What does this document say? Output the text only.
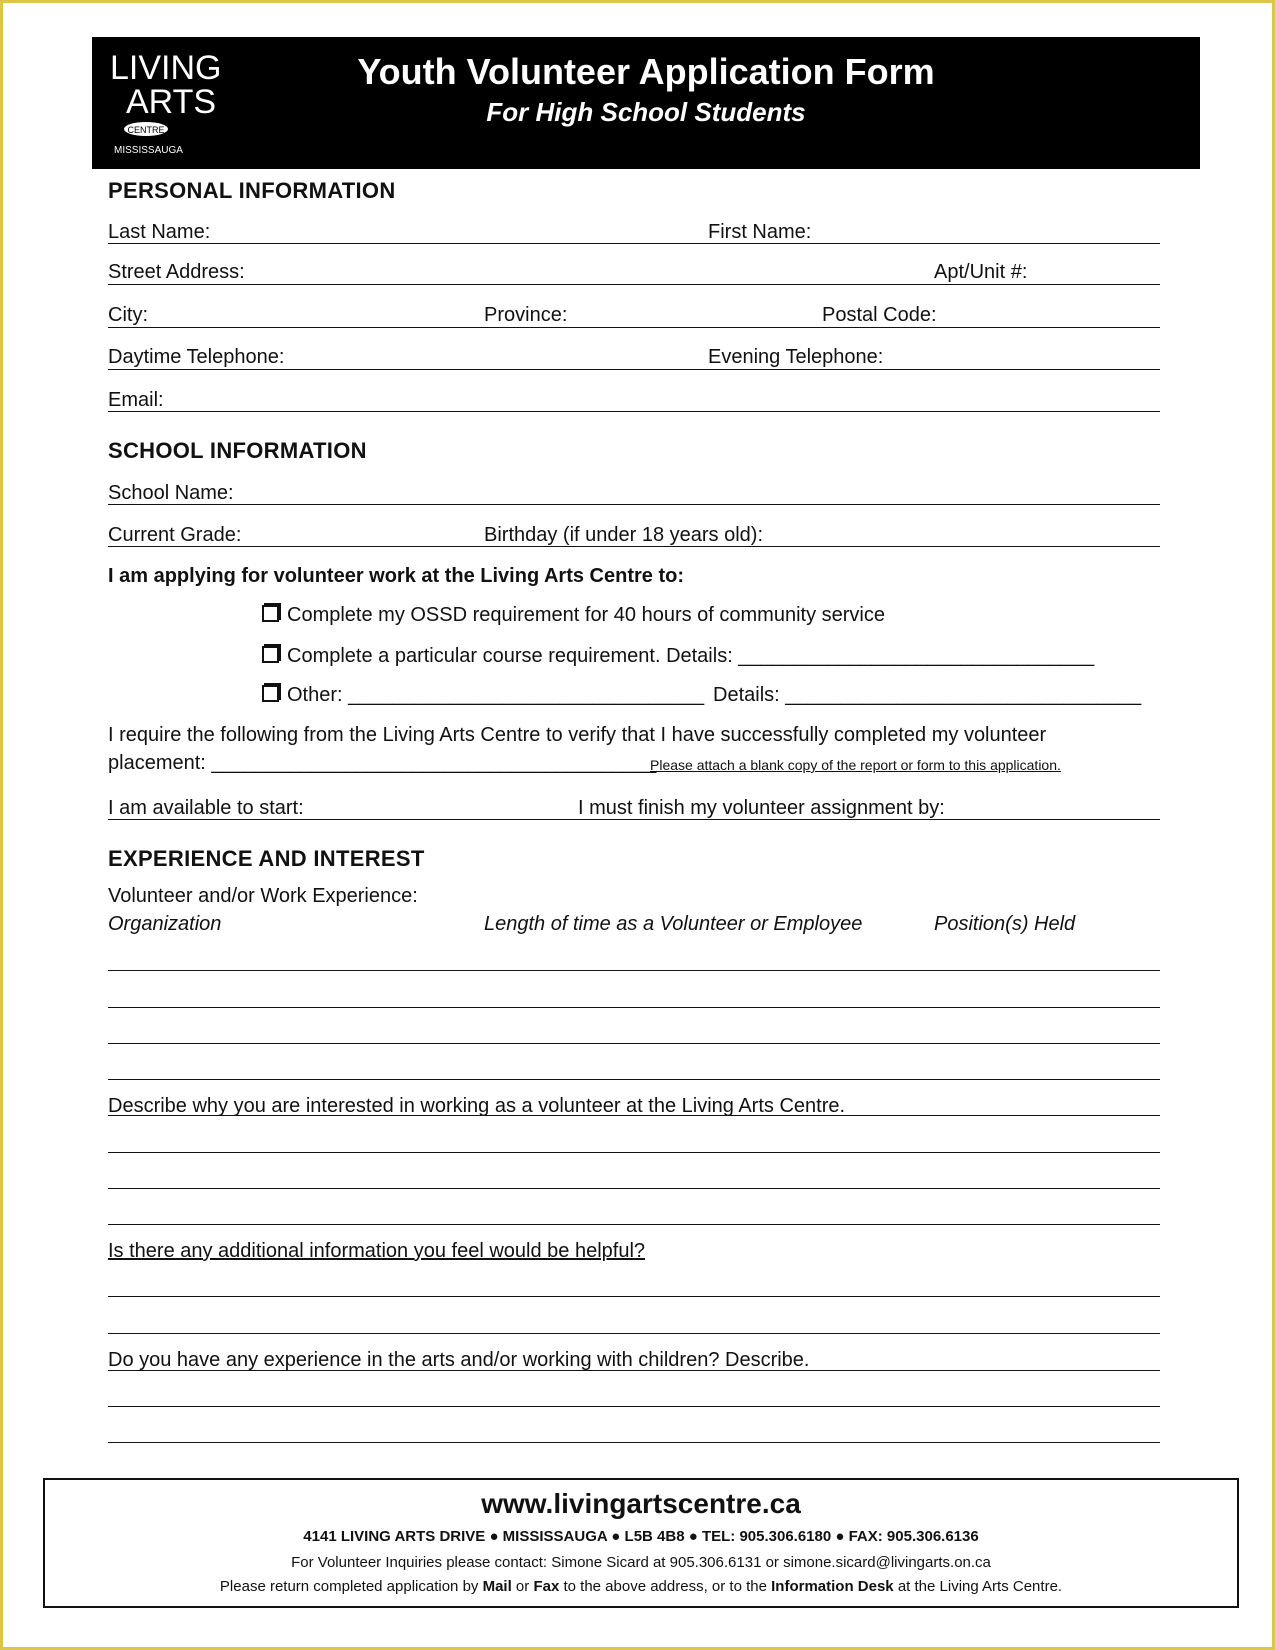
LIVING
ARTS
CENTRE
MISSISSAUGA
Youth Volunteer Application Form
For High School Students
PERSONAL INFORMATION
Last Name:	First Name:
Street Address:	Apt/Unit #:
City:	Province:	Postal Code:
Daytime Telephone:	Evening Telephone:
Email:
SCHOOL INFORMATION
School Name:
Current Grade:	Birthday (if under 18 years old):
I am applying for volunteer work at the Living Arts Centre to:
Complete my OSSD requirement for 40 hours of community service
Complete a particular course requirement. Details: ________________________________
Other: ________________________________ Details: ________________________________
I require the following from the Living Arts Centre to verify that I have successfully completed my volunteer
placement: ________________________________________
Please attach a blank copy of the report or form to this application.
I am available to start:	I must finish my volunteer assignment by:
EXPERIENCE AND INTEREST
Volunteer and/or Work Experience:
Organization	Length of time as a Volunteer or Employee	Position(s) Held
Describe why you are interested in working as a volunteer at the Living Arts Centre.
Is there any additional information you feel would be helpful?
Do you have any experience in the arts and/or working with children? Describe.
www.livingartscentre.ca
4141 LIVING ARTS DRIVE ● MISSISSAUGA ● L5B 4B8 ● TEL: 905.306.6180 ● FAX: 905.306.6136
For Volunteer Inquiries please contact: Simone Sicard at 905.306.6131 or simone.sicard@livingarts.on.ca
Please return completed application by Mail or Fax to the above address, or to the Information Desk at the Living Arts Centre.
